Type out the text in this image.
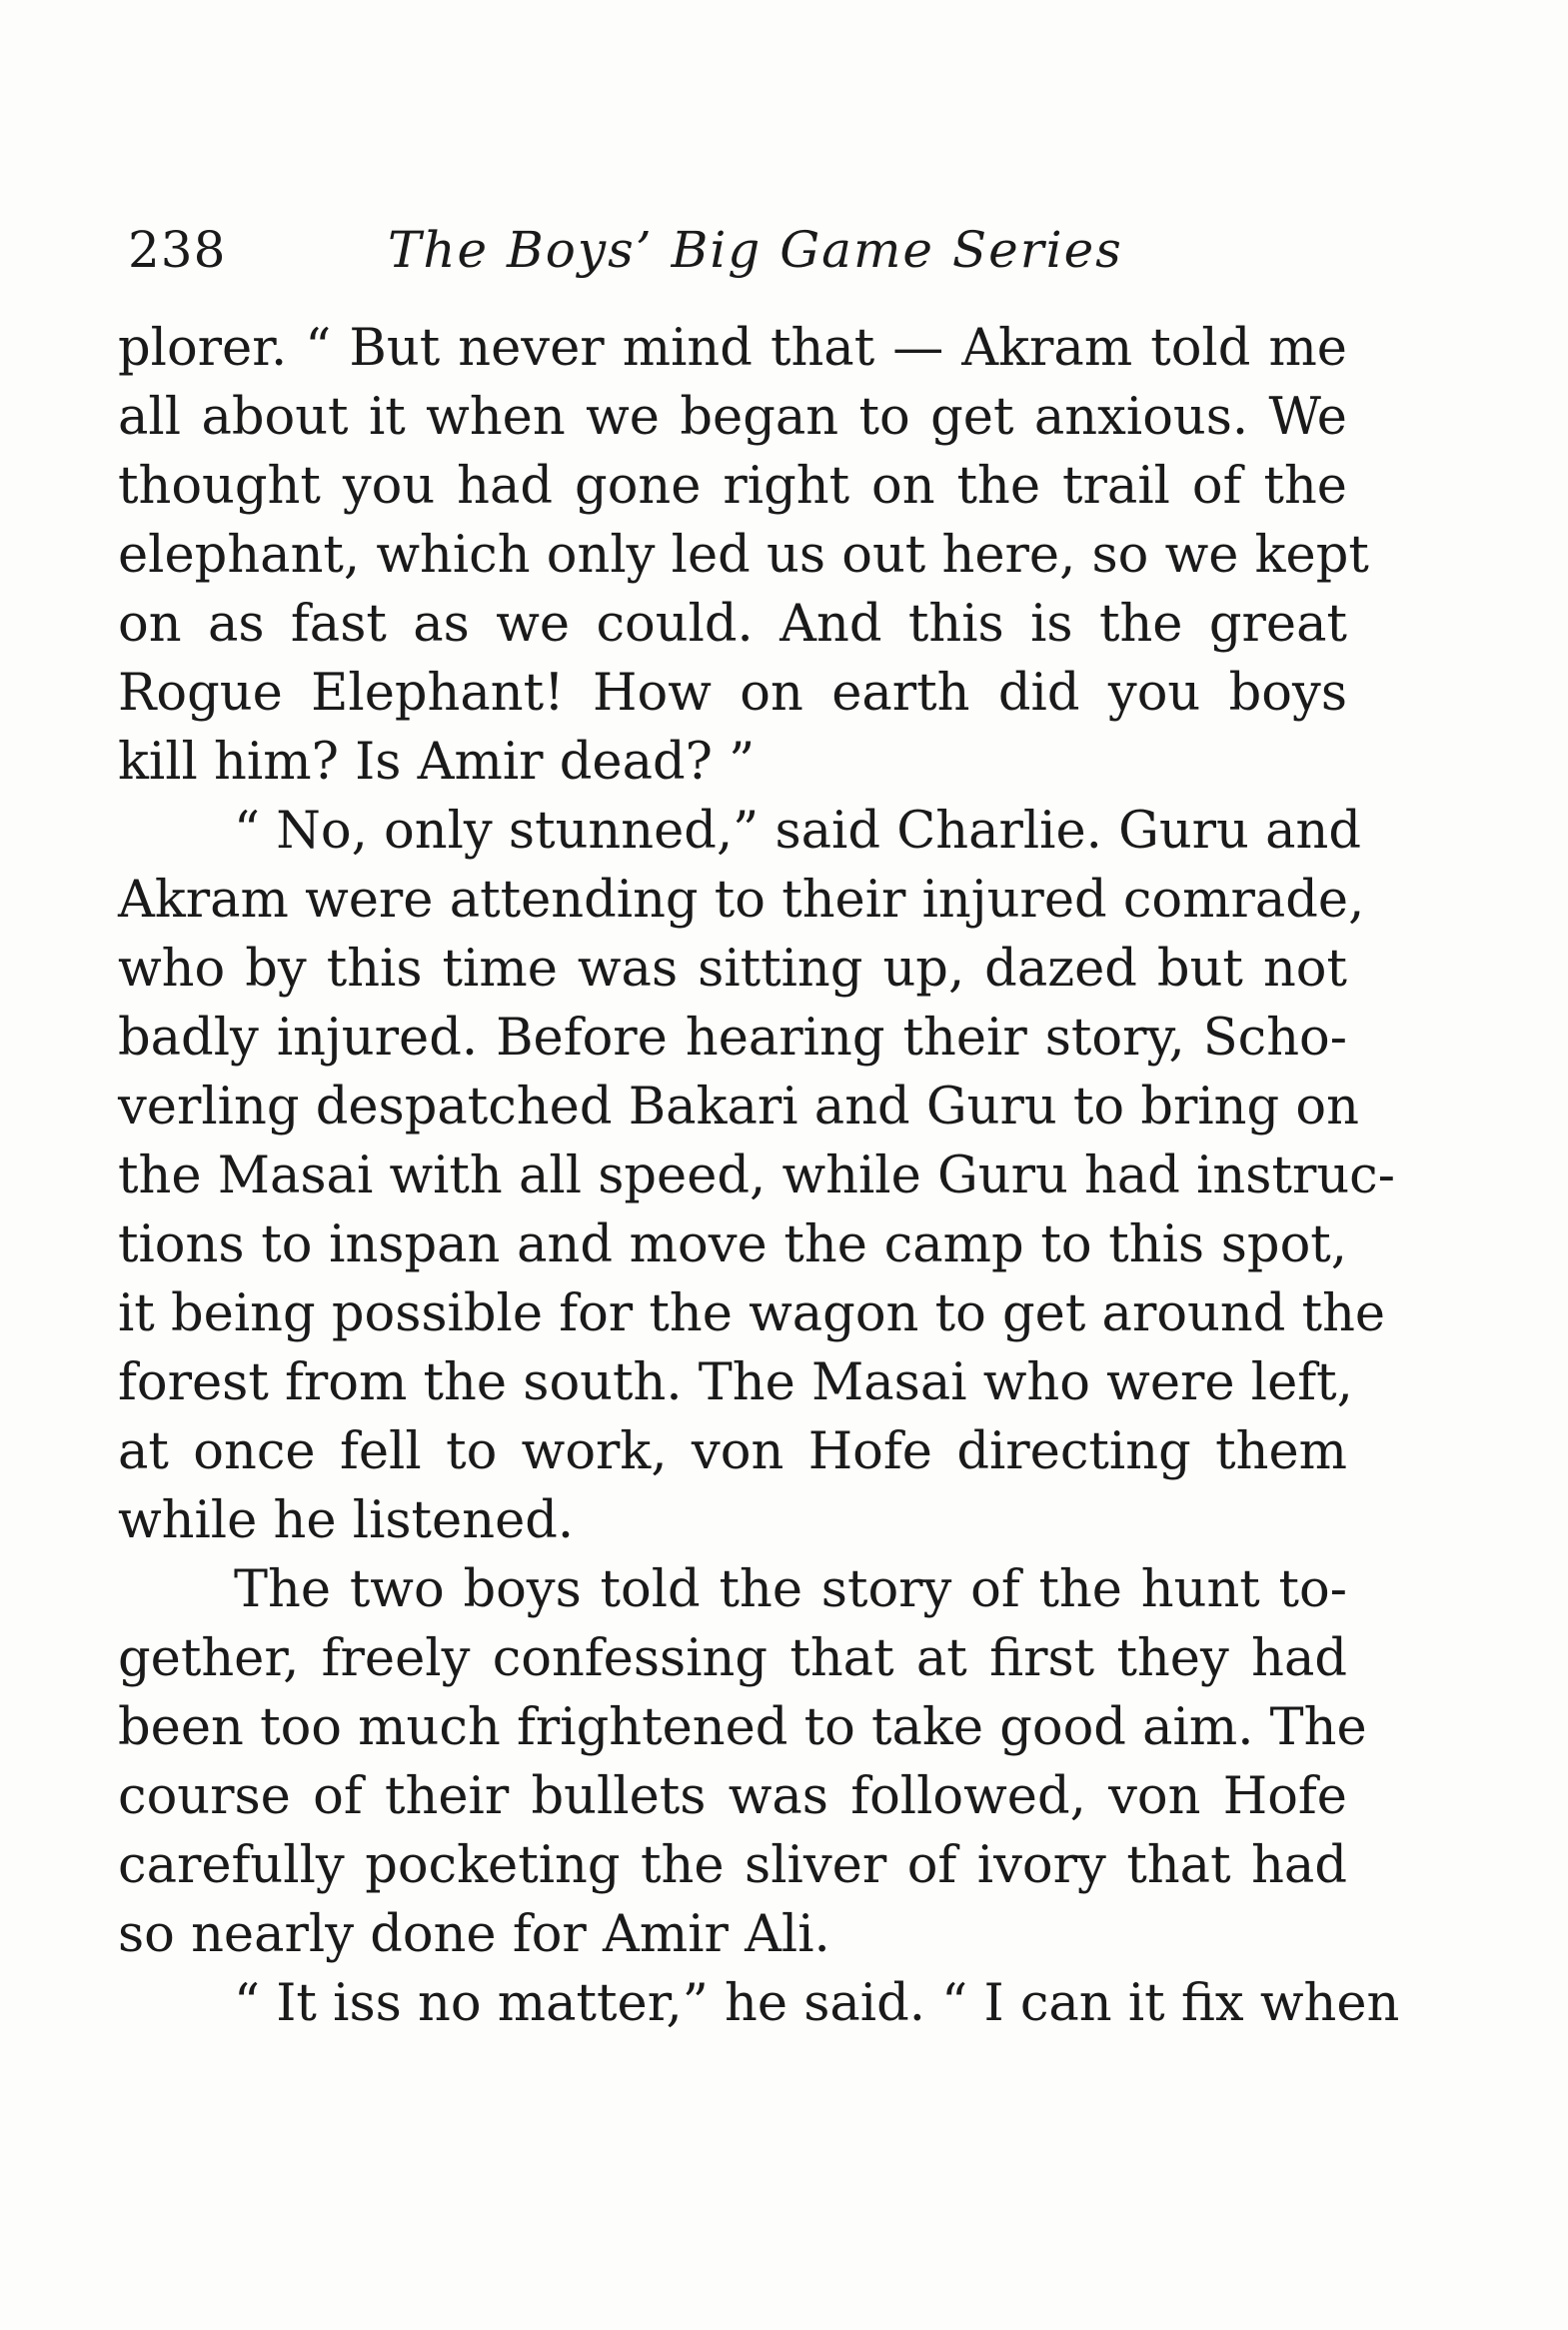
238	The Boys’ Big Game Series
plorer. “ But never mind that — Akram told me
all about it when we began to get anxious. We
thought you had gone right on the trail of the
elephant, which only led us out here, so we kept
on as fast as we could. And this is the great
Rogue Elephant! How on earth did you boys
kill him? Is Amir dead? ”
“ No, only stunned,” said Charlie. Guru and
Akram were attending to their injured comrade,
who by this time was sitting up, dazed but not
badly injured. Before hearing their story, Scho-
verling despatched Bakari and Guru to bring on
the Masai with all speed, while Guru had instruc-
tions to inspan and move the camp to this spot,
it being possible for the wagon to get around the
forest from the south. The Masai who were left,
at once fell to work, von Hofe directing them
while he listened.
The two boys told the story of the hunt to-
gether, freely confessing that at first they had
been too much frightened to take good aim. The
course of their bullets was followed, von Hofe
carefully pocketing the sliver of ivory that had
so nearly done for Amir Ali.
“ It iss no matter,” he said. “ I can it fix when
